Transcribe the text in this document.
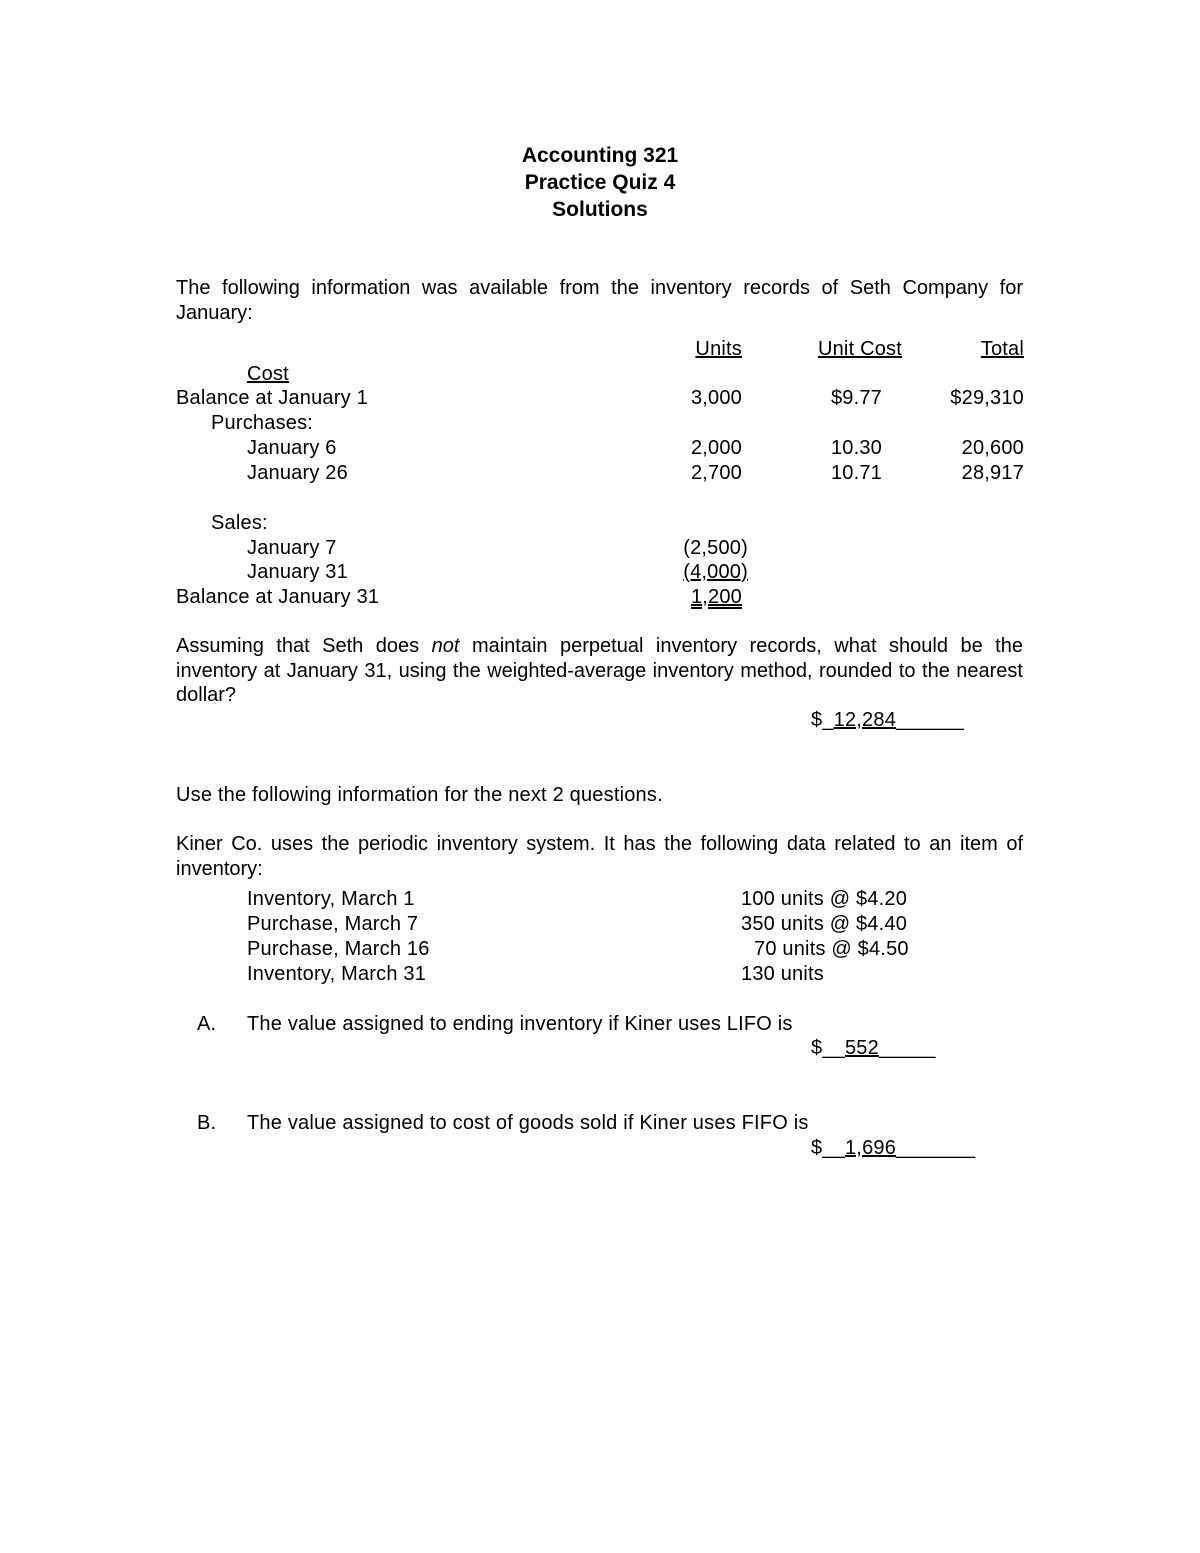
Accounting 321
Practice Quiz 4
Solutions
The following information was available from the inventory records of Seth Company for January:
Units	Unit Cost	Total
Cost
Balance at January 1	3,000	$9.77	$29,310
Purchases:
January 6	2,000	10.30	20,600
January 26	2,700	10.71	28,917
Sales:
January 7	(2,500)
January 31	(4,000)
Balance at January 31	1,200
Assuming that Seth does not maintain perpetual inventory records, what should be the inventory at January 31, using the weighted-average inventory method, rounded to the nearest dollar?
$_12,284______
Use the following information for the next 2 questions.
Kiner Co. uses the periodic inventory system. It has the following data related to an item of inventory:
Inventory, March 1	100 units @ $4.20
Purchase, March 7	350 units @ $4.40
Purchase, March 16	70 units @ $4.50
Inventory, March 31	130 units
A. The value assigned to ending inventory if Kiner uses LIFO is
$__552_____
B. The value assigned to cost of goods sold if Kiner uses FIFO is
$__1,696_______
